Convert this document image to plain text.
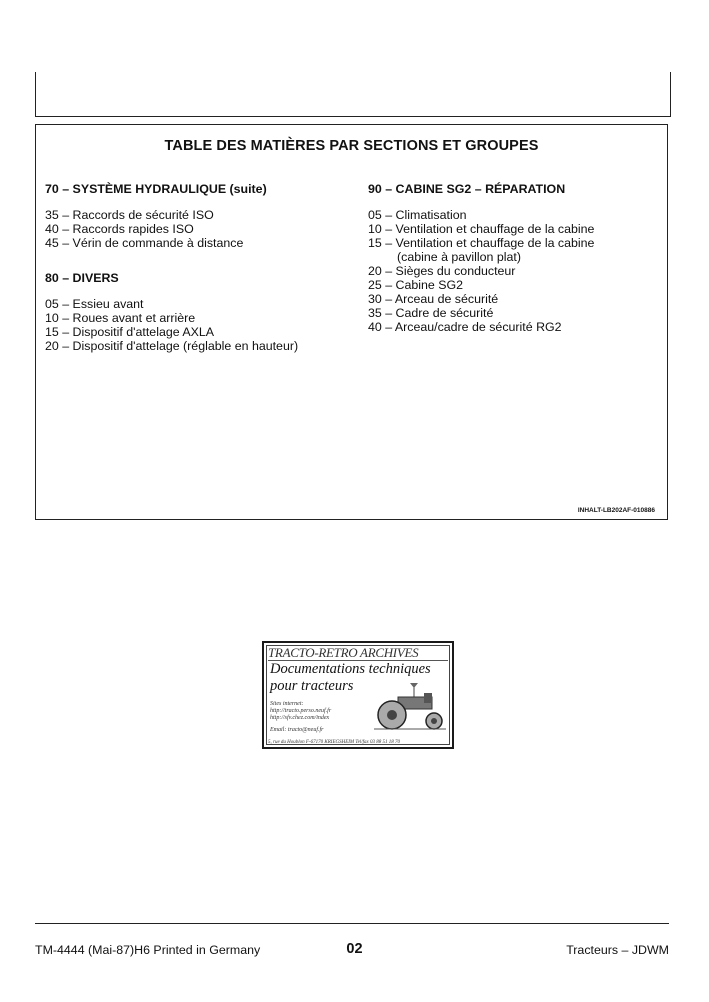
TABLE DES MATIÈRES PAR SECTIONS ET GROUPES
70 – SYSTÈME HYDRAULIQUE (suite)
35 – Raccords de sécurité ISO
40 – Raccords rapides ISO
45 – Vérin de commande à distance
80 – DIVERS
05 – Essieu avant
10 – Roues avant et arrière
15 – Dispositif d'attelage AXLA
20 – Dispositif d'attelage (réglable en hauteur)
90 – CABINE SG2 – RÉPARATION
05 – Climatisation
10 – Ventilation et chauffage de la cabine
15 – Ventilation et chauffage de la cabine
(cabine à pavillon plat)
20 – Sièges du conducteur
25 – Cabine SG2
30 – Arceau de sécurité
35 – Cadre de sécurité
40 – Arceau/cadre de sécurité RG2
INHALT-LB202AF-010886
TRACTO-RETRO ARCHIVES
Documentations techniques
pour tracteurs
Sites internet:
http://tracto.perso.neuf.fr
http://sfv.chez.com/index
Email: tracto@neuf.fr
5, rue du Houblon F-67170 KRIEGSHEIM Tel/fax 03 88 51 18 70
TM-4444 (Mai-87)H6 Printed in Germany	02	Tracteurs – JDWM
